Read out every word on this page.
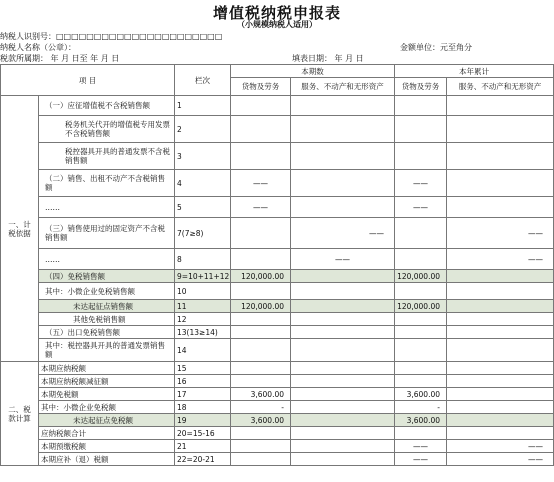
增值税纳税申报表
（小规模纳税人适用）
纳税人识别号：□□□□□□□□□□□□□□□□□□□□□□
纳税人名称（公章）：	金额单位：元至角分
税款所属期： 年 月 日至 年 月 日	填表日期： 年 月 日
项 目		栏次	本期数		本年累计	
			货物及劳务	服务、不动产和无形资产	货物及劳务	服务、不动产和无形资产
一、计税依据	（一）应征增值税不含税销售额	1				
	税务机关代开的增值税专用发票不含税销售额	2				
	税控器具开具的普通发票不含税销售额	3				
	（二）销售、出租不动产不含税销售额	4	——		——	
	……	5	——		——	
	（三）销售使用过的固定资产不含税销售额	7(7≥8)		——		——
	……	8		——		——
	（四）免税销售额	9=10+11+12	120,000.00		120,000.00	
	其中：小微企业免税销售额	10				
	未达起征点销售额	11	120,000.00		120,000.00	
	其他免税销售额	12				
	（五）出口免税销售额	13(13≥14)				
	其中：税控器具开具的普通发票销售额	14				
二、税款计算	本期应纳税额	15				
	本期应纳税额减征额	16				
	本期免税额	17	3,600.00		3,600.00	
	其中：小微企业免税额	18	-		-	
	未达起征点免税额	19	3,600.00		3,600.00	
	应纳税额合计	20=15-16				
	本期预缴税额	21			——	——
	本期应补（退）税额	22=20-21			——	——
